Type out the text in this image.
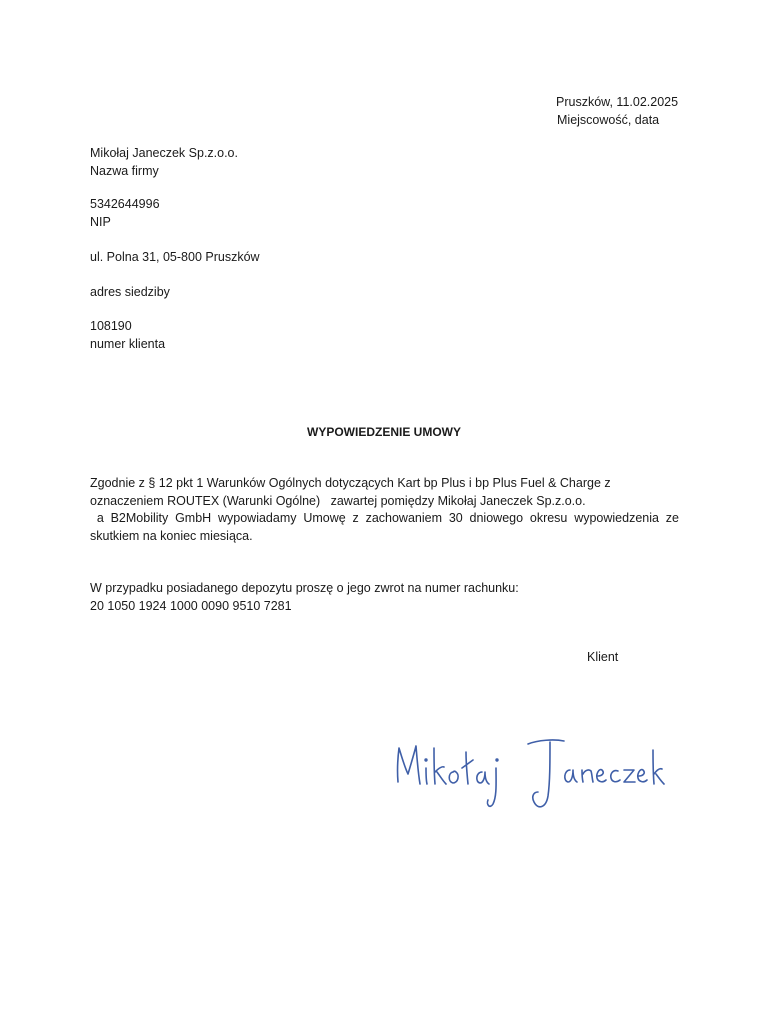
Pruszków, 11.02.2025
Miejscowość, data
Mikołaj Janeczek Sp.z.o.o.
Nazwa firmy
5342644996
NIP
ul. Polna 31, 05-800 Pruszków
adres siedziby
108190
numer klienta
WYPOWIEDZENIE UMOWY
Zgodnie z § 12 pkt 1 Warunków Ogólnych dotyczących Kart bp Plus i bp Plus Fuel & Charge z
oznaczeniem ROUTEX (Warunki Ogólne)   zawartej pomiędzy Mikołaj Janeczek Sp.z.o.o.
a B2Mobility GmbH wypowiadamy Umowę z zachowaniem 30 dniowego okresu wypowiedzenia ze
skutkiem na koniec miesiąca.
W przypadku posiadanego depozytu proszę o jego zwrot na numer rachunku:
20 1050 1924 1000 0090 9510 7281
Klient
